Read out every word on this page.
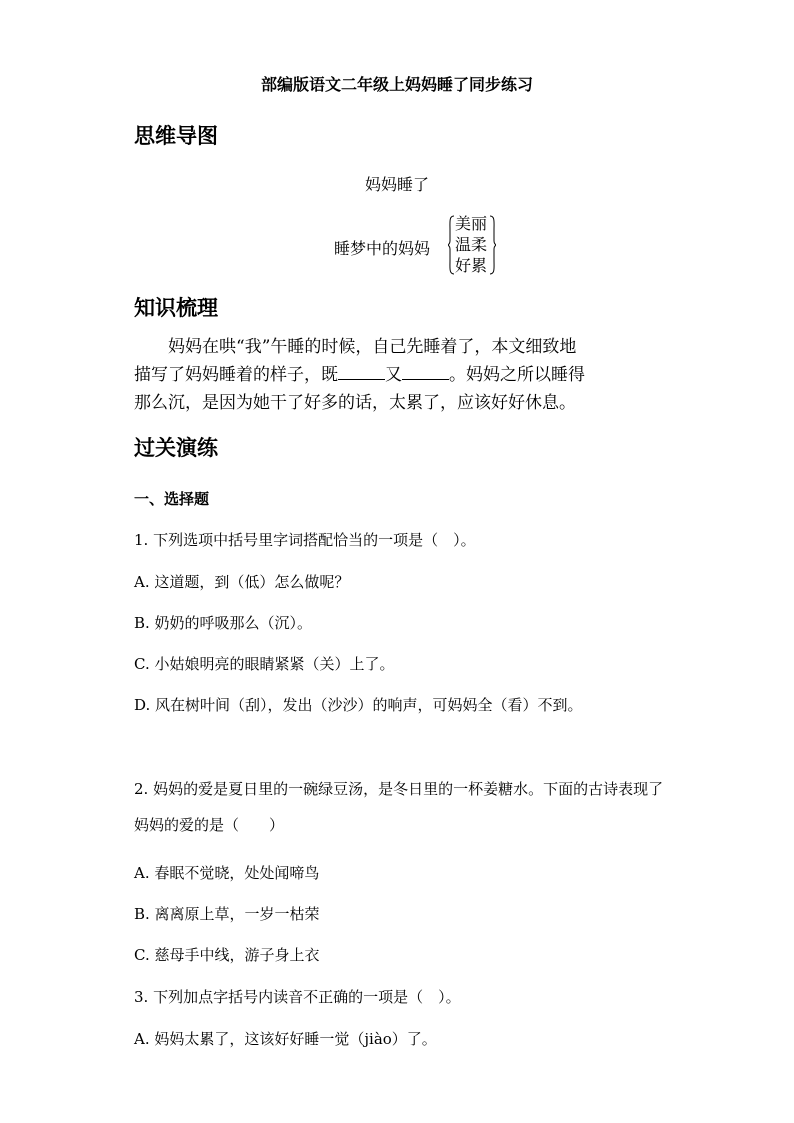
部编版语文二年级上妈妈睡了同步练习
思维导图
妈妈睡了
睡梦中的妈妈
美丽
温柔
好累
知识梳理
妈妈在哄“我”午睡的时候，自己先睡着了，本文细致地
描写了妈妈睡着的样子，既	又	。妈妈之所以睡得
那么沉，是因为她干了好多的话，太累了，应该好好休息。
过关演练
一、选择题
1. 下列选项中括号里字词搭配恰当的一项是（　）。
A. 这道题，到（低）怎么做呢？
B. 奶奶的呼吸那么（沉）。
C. 小姑娘明亮的眼睛紧紧（关）上了。
D. 风在树叶间（刮），发出（沙沙）的响声，可妈妈全（看）不到。
2. 妈妈的爱是夏日里的一碗绿豆汤，是冬日里的一杯姜糖水。下面的古诗表现了妈妈的爱的是（　　）
A. 春眠不觉晓，处处闻啼鸟
B. 离离原上草，一岁一枯荣
C. 慈母手中线，游子身上衣
3. 下列加点字括号内读音不正确的一项是（　）。
A. 妈妈太累了，这该好好睡一觉（jiào）了。
